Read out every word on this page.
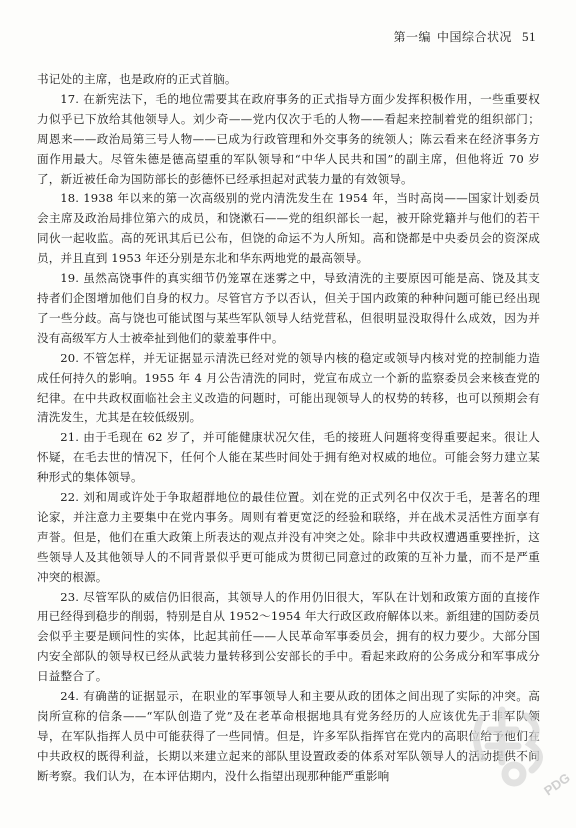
第一编 中国综合状况 51

书记处的主席，也是政府的正式首脑。

17. 在新宪法下，毛的地位需要其在政府事务的正式指导方面少发挥积极作用，一些重要权力似乎已下放给其他领导人。刘少奇——党内仅次于毛的人物——看起来控制着党的组织部门；周恩来——政治局第三号人物——已成为行政管理和外交事务的统领人；陈云看来在经济事务方面作用最大。尽管朱德是德高望重的军队领导和“中华人民共和国”的副主席，但他将近 70 岁了，新近被任命为国防部长的彭德怀已经承担起对武装力量的有效领导。

18. 1938 年以来的第一次高级别的党内清洗发生在 1954 年，当时高岗——国家计划委员会主席及政治局排位第六的成员，和饶漱石——党的组织部长一起，被开除党籍并与他们的若干同伙一起收监。高的死讯其后已公布，但饶的命运不为人所知。高和饶都是中央委员会的资深成员，并且直到 1953 年还分别是东北和华东两地党的最高领导。

19. 虽然高饶事件的真实细节仍笼罩在迷雾之中，导致清洗的主要原因可能是高、饶及其支持者们企图增加他们自身的权力。尽管官方予以否认，但关于国内政策的种种问题可能已经出现了一些分歧。高与饶也可能试图与某些军队领导人结党营私，但很明显没取得什么成效，因为并没有高级军方人士被牵扯到他们的蒙羞事件中。

20. 不管怎样，并无证据显示清洗已经对党的领导内核的稳定或领导内核对党的控制能力造成任何持久的影响。1955 年 4 月公告清洗的同时，党宣布成立一个新的监察委员会来核查党的纪律。在中共政权面临社会主义改造的问题时，可能出现领导人的权势的转移，也可以预期会有清洗发生，尤其是在较低级别。

21. 由于毛现在 62 岁了，并可能健康状况欠佳，毛的接班人问题将变得重要起来。很让人怀疑，在毛去世的情况下，任何个人能在某些时间处于拥有绝对权威的地位。可能会努力建立某种形式的集体领导。

22. 刘和周或许处于争取超群地位的最佳位置。刘在党的正式列名中仅次于毛，是著名的理论家，并注意力主要集中在党内事务。周则有着更宽泛的经验和联络，并在战术灵活性方面享有声誉。但是，他们在重大政策上所表达的观点并没有冲突之处。除非中共政权遭遇重要挫折，这些领导人及其他领导人的不同背景似乎更可能成为贯彻已同意过的政策的互补力量，而不是严重冲突的根源。

23. 尽管军队的威信仍旧很高，其领导人的作用仍旧很大，军队在计划和政策方面的直接作用已经得到稳步的削弱，特别是自从 1952～1954 年大行政区政府解体以来。新组建的国防委员会似乎主要是顾问性的实体，比起其前任——人民革命军事委员会，拥有的权力要少。大部分国内安全部队的领导权已经从武装力量转移到公安部长的手中。看起来政府的公务成分和军事成分日益整合了。

24. 有确凿的证据显示，在职业的军事领导人和主要从政的团体之间出现了实际的冲突。高岗所宣称的信条——“军队创造了党”及在老革命根据地具有党务经历的人应该优先于非军队领导，在军队指挥人员中可能获得了一些同情。但是，许多军队指挥官在党内的高职位给予他们在中共政权的既得利益，长期以来建立起来的部队里设置政委的体系对军队领导人的活动提供不间断考察。我们认为，在本评估期内，没什么指望出现那种能严重影响	PDG
